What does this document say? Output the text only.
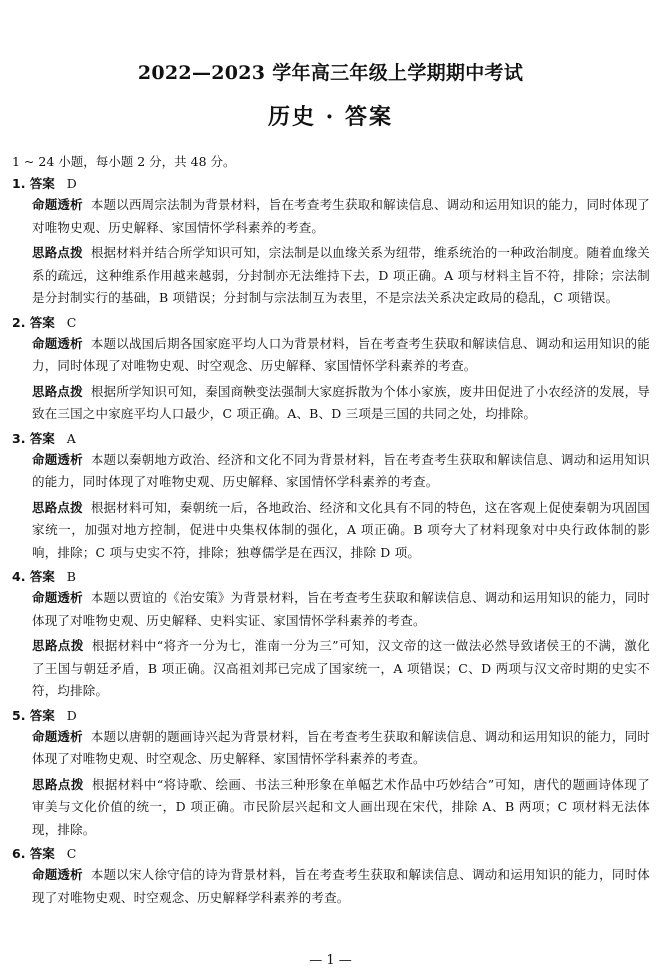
2022—2023 学年高三年级上学期期中考试
历史 · 答案
1 ~ 24 小题，每小题 2 分，共 48 分。
1. 答案 D

命题透析 本题以西周宗法制为背景材料，旨在考查考生获取和解读信息、调动和运用知识的能力，同时体现了对唯物史观、历史解释、家国情怀学科素养的考查。

思路点拨 根据材料并结合所学知识可知，宗法制是以血缘关系为纽带，维系统治的一种政治制度。随着血缘关系的疏远，这种维系作用越来越弱，分封制亦无法维持下去，D 项正确。A 项与材料主旨不符，排除；宗法制是分封制实行的基础，B 项错误；分封制与宗法制互为表里，不是宗法关系决定政局的稳乱，C 项错误。

2. 答案 C

命题透析 本题以战国后期各国家庭平均人口为背景材料，旨在考查考生获取和解读信息、调动和运用知识的能力，同时体现了对唯物史观、时空观念、历史解释、家国情怀学科素养的考查。

思路点拨 根据所学知识可知，秦国商鞅变法强制大家庭拆散为个体小家族，废井田促进了小农经济的发展，导致在三国之中家庭平均人口最少，C 项正确。A、B、D 三项是三国的共同之处，均排除。

3. 答案 A

命题透析 本题以秦朝地方政治、经济和文化不同为背景材料，旨在考查考生获取和解读信息、调动和运用知识的能力，同时体现了对唯物史观、历史解释、家国情怀学科素养的考查。

思路点拨 根据材料可知，秦朝统一后，各地政治、经济和文化具有不同的特色，这在客观上促使秦朝为巩固国家统一，加强对地方控制，促进中央集权体制的强化，A 项正确。B 项夸大了材料现象对中央行政体制的影响，排除；C 项与史实不符，排除；独尊儒学是在西汉，排除 D 项。

4. 答案 B

命题透析 本题以贾谊的《治安策》为背景材料，旨在考查考生获取和解读信息、调动和运用知识的能力，同时体现了对唯物史观、历史解释、史料实证、家国情怀学科素养的考查。

思路点拨 根据材料中“将齐一分为七，淮南一分为三”可知，汉文帝的这一做法必然导致诸侯王的不满，激化了王国与朝廷矛盾，B 项正确。汉高祖刘邦已完成了国家统一，A 项错误；C、D 两项与汉文帝时期的史实不符，均排除。

5. 答案 D

命题透析 本题以唐朝的题画诗兴起为背景材料，旨在考查考生获取和解读信息、调动和运用知识的能力，同时体现了对唯物史观、时空观念、历史解释、家国情怀学科素养的考查。

思路点拨 根据材料中“将诗歌、绘画、书法三种形象在单幅艺术作品中巧妙结合”可知，唐代的题画诗体现了审美与文化价值的统一，D 项正确。市民阶层兴起和文人画出现在宋代，排除 A、B 两项；C 项材料无法体现，排除。

6. 答案 C

命题透析 本题以宋人徐守信的诗为背景材料，旨在考查考生获取和解读信息、调动和运用知识的能力，同时体现了对唯物史观、时空观念、历史解释学科素养的考查。

— 1 —
